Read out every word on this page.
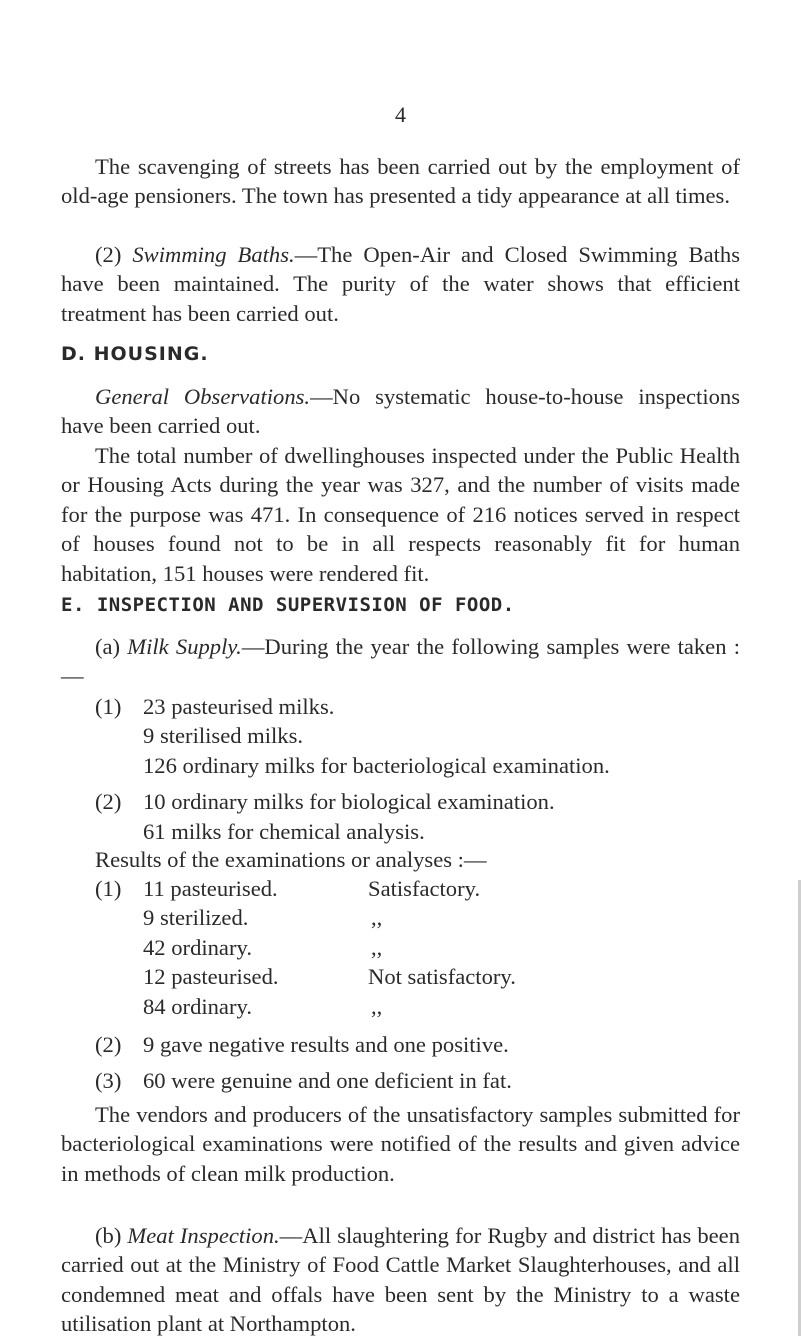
4

The scavenging of streets has been carried out by the employment of old-age pensioners. The town has presented a tidy appearance at all times.

(2) Swimming Baths.—The Open-Air and Closed Swimming Baths have been maintained. The purity of the water shows that efficient treatment has been carried out.

D. HOUSING.

General Observations.—No systematic house-to-house inspections have been carried out.

The total number of dwellinghouses inspected under the Public Health or Housing Acts during the year was 327, and the number of visits made for the purpose was 471. In consequence of 216 notices served in respect of houses found not to be in all respects reasonably fit for human habitation, 151 houses were rendered fit.

E. INSPECTION AND SUPERVISION OF FOOD.

(a) Milk Supply.—During the year the following samples were taken :—

(1) 23 pasteurised milks.
9 sterilised milks.
126 ordinary milks for bacteriological examination.
(2) 10 ordinary milks for biological examination.
61 milks for chemical analysis.

Results of the examinations or analyses :—

(1) 11 pasteurised.	Satisfactory.
9 sterilized.	,,
42 ordinary.	,,
12 pasteurised.	Not satisfactory.
84 ordinary.	,,
(2) 9 gave negative results and one positive.
(3) 60 were genuine and one deficient in fat.

The vendors and producers of the unsatisfactory samples submitted for bacteriological examinations were notified of the results and given advice in methods of clean milk production.

(b) Meat Inspection.—All slaughtering for Rugby and district has been carried out at the Ministry of Food Cattle Market Slaughterhouses, and all condemned meat and offals have been sent by the Ministry to a waste utilisation plant at Northampton.
